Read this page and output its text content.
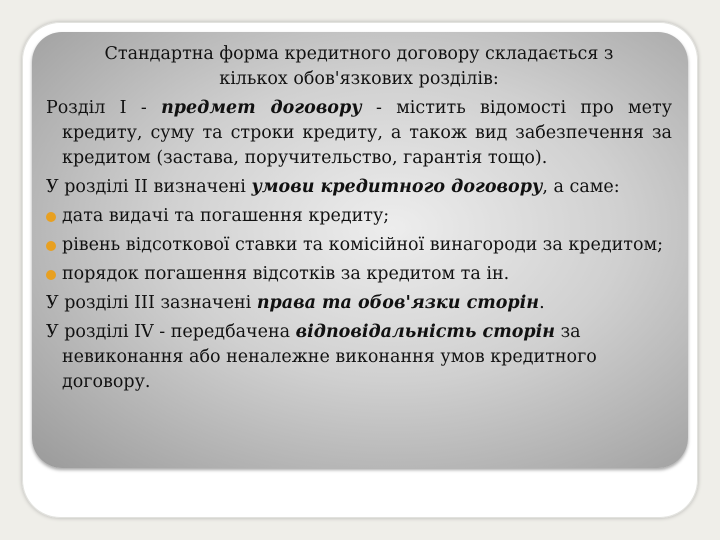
Стандартна форма кредитного договору складається з кількох обов'язкових розділів:

Розділ І - предмет договору - містить відомості про мету кредиту, суму та строки кредиту, а також вид забезпечення за кредитом (застава, поручительство, гарантія тощо).

У розділі ІІ визначені умови кредитного договору, а саме:

дата видачі та погашення кредиту;
рівень відсоткової ставки та комісійної винагороди за кредитом;
порядок погашення відсотків за кредитом та ін.

У розділі ІІІ зазначені права та обов'язки сторін.

У розділі IV - передбачена відповідальність сторін за невиконання або неналежне виконання умов кредитного договору.
